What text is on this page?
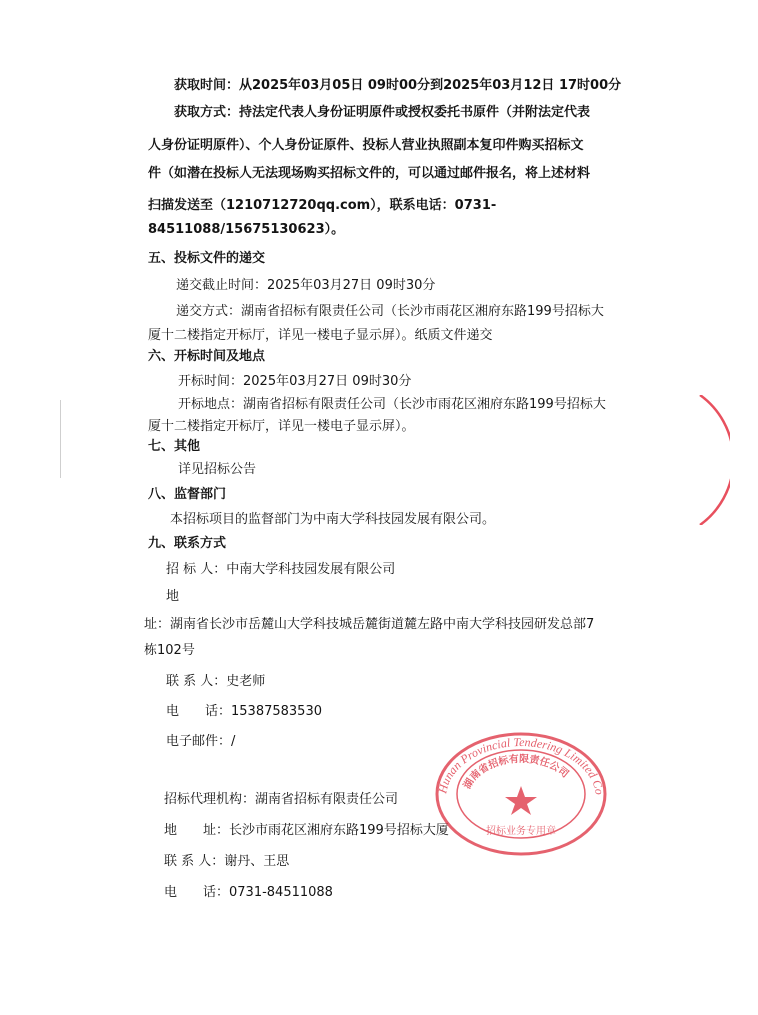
获取时间：从2025年03月05日 09时00分到2025年03月12日 17时00分
获取方式：持法定代表人身份证明原件或授权委托书原件（并附法定代表
人身份证明原件）、个人身份证原件、投标人营业执照副本复印件购买招标文
件（如潜在投标人无法现场购买招标文件的，可以通过邮件报名，将上述材料
扫描发送至（1210712720qq.com），联系电话：0731-
84511088/15675130623）。
五、投标文件的递交
递交截止时间：2025年03月27日 09时30分
递交方式：湖南省招标有限责任公司（长沙市雨花区湘府东路199号招标大
厦十二楼指定开标厅，详见一楼电子显示屏）。纸质文件递交
六、开标时间及地点
开标时间：2025年03月27日 09时30分
开标地点：湖南省招标有限责任公司（长沙市雨花区湘府东路199号招标大
厦十二楼指定开标厅，详见一楼电子显示屏）。
七、其他
详见招标公告
八、监督部门
本招标项目的监督部门为中南大学科技园发展有限公司。
九、联系方式
招 标 人：中南大学科技园发展有限公司
地
址：湖南省长沙市岳麓山大学科技城岳麓街道麓左路中南大学科技园研发总部7
栋102号
联 系 人：史老师
电　　话：15387583530
电子邮件：/
招标代理机构：湖南省招标有限责任公司
地　　址：长沙市雨花区湘府东路199号招标大厦
联 系 人：谢丹、王思
电　　话：0731-84511088
Hunan Provincial Tendering Limited Co
湖南省招标有限责任公司
招标业务专用章
